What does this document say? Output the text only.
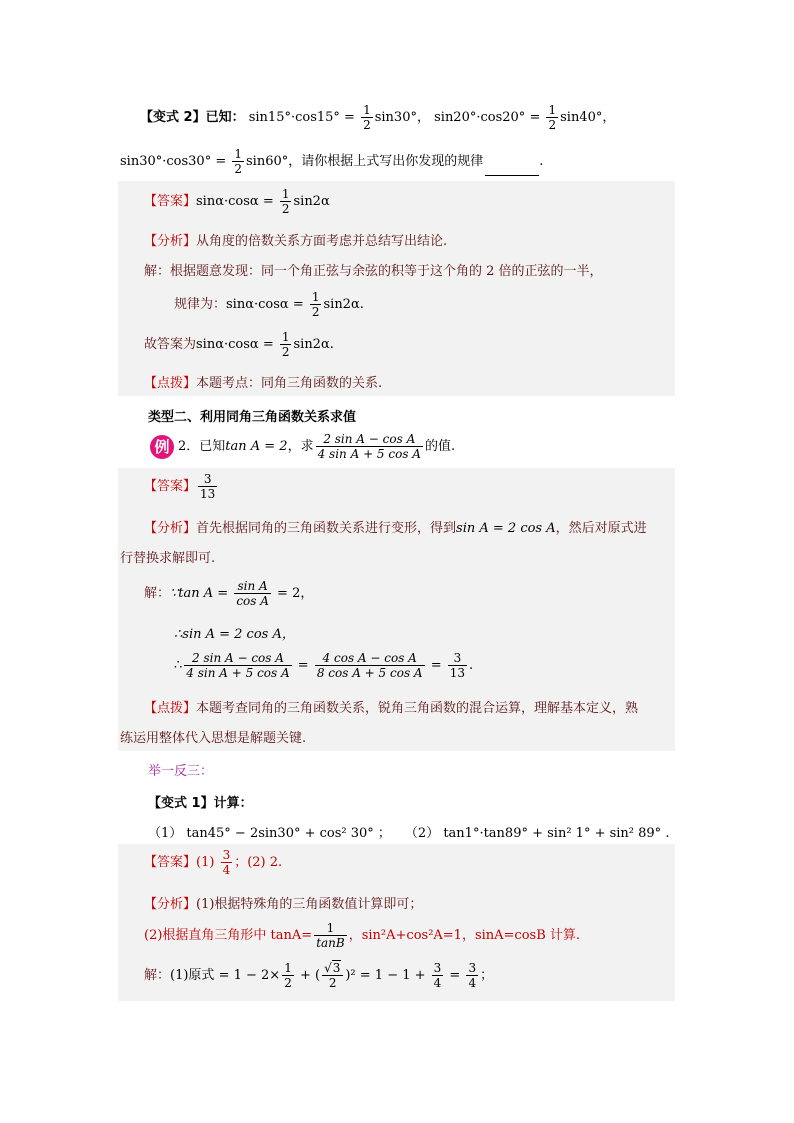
【变式 2】已知： $\sin 15^\circ\cdot\cos 15^\circ = \frac{1}{2} \sin 30^\circ$， $\sin 20^\circ\cdot\cos 20^\circ = \frac{1}{2} \sin 40^\circ$，
$\sin 30^\circ\cdot\cos 30^\circ = \frac{1}{2} \sin 60^\circ$，请你根据上式写出你发现的规律	.
【答案】$\sin\alpha\cdot\cos\alpha = \frac{1}{2} \sin 2\alpha$
【分析】从角度的倍数关系方面考虑并总结写出结论.
解：根据题意发现：同一个角正弦与余弦的积等于这个角的 2 倍的正弦的一半，
规律为：$\sin\alpha\cdot\cos\alpha = \frac{1}{2} \sin 2\alpha$.
故答案为$\sin\alpha\cdot\cos\alpha = \frac{1}{2} \sin 2\alpha$.
【点拨】本题考点：同角三角函数的关系.
类型二、利用同角三角函数关系求值
例 2．已知tan A = 2，求 $\frac{\text{2 sin A − cos A}}{\text{4 sin A + 5 cos A}}$ 的值.
【答案】 $\frac{3}{13}$
【分析】首先根据同角的三角函数关系进行变形，得到sin A = 2 cos A，然后对原式进
行替换求解即可.
解：∵tan $A = \frac{\text{sin A}}{\text{cos A}} = 2$，
∴sin A = 2 cos A，
∴ $\frac{\text{2 sin A − cos A}}{\text{4 sin A + 5 cos A}} = \frac{\text{4 cos A − cos A}}{\text{8 cos A + 5 cos A}} = \frac{3}{13}$ .
【点拨】本题考查同角的三角函数关系，锐角三角函数的混合运算，理解基本定义，熟
练运用整体代入思想是解题关键.
举一反三：
【变式 1】计算：
（1） tan45° − 2sin30° + cos² 30° ； （2） tan1°·tan89° + sin² 1° + sin² 89° .
【答案】$(1) \frac{3}{4}$ ；(2) 2.
【分析】(1)根据特殊角的三角函数值计算即可；
(2)根据直角三角形中 $\tan A= \frac{1}{\tan B}$ ，sin²A+cos²A=1，sinA=cosB 计算.
解：(1)原式 = $1 - 2\times \frac{1}{2}$ + ( $\frac{√3}{2} )^2 = 1 - 1 + \frac{3}{4} = \frac{3}{4}$ ；
